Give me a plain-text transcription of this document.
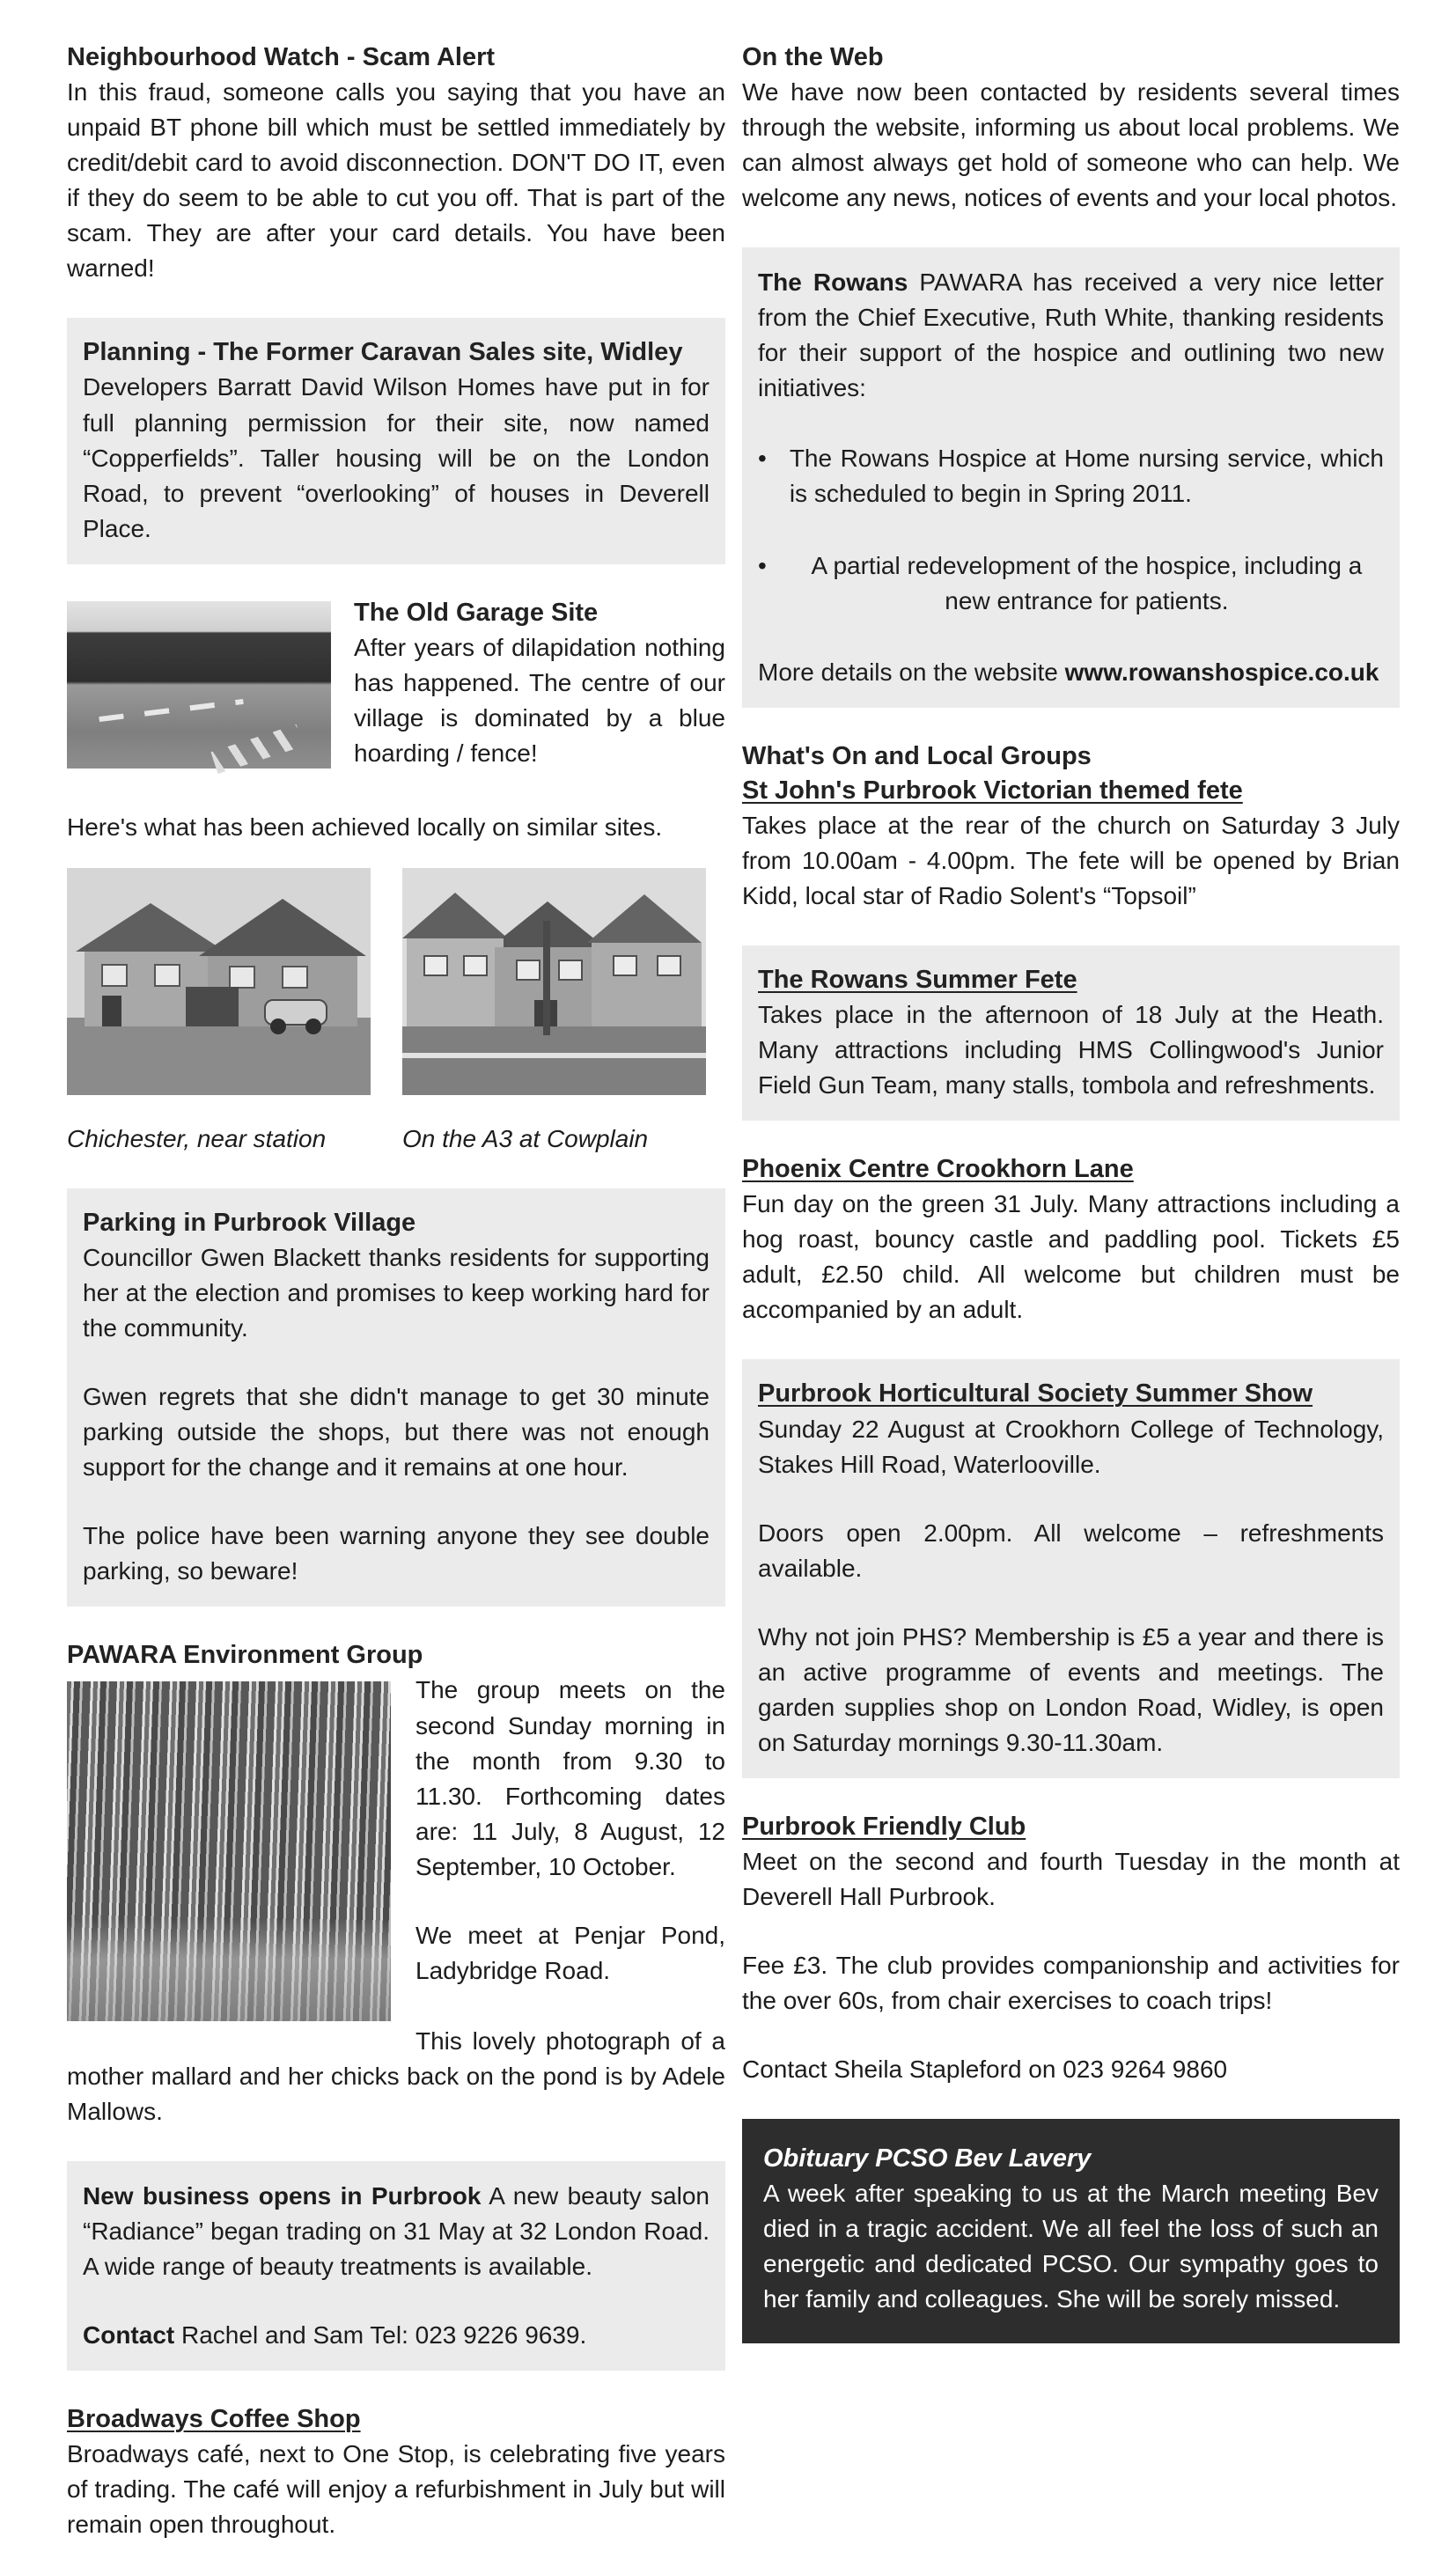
Neighbourhood Watch - Scam Alert

In this fraud, someone calls you saying that you have an unpaid BT phone bill which must be settled immediately by credit/debit card to avoid disconnection. DON'T DO IT, even if they do seem to be able to cut you off. That is part of the scam. They are after your card details. You have been warned!

Planning - The Former Caravan Sales site, Widley

Developers Barratt David Wilson Homes have put in for full planning permission for their site, now named “Copperfields”. Taller housing will be on the London Road, to prevent “overlooking” of houses in Deverell Place.

The Old Garage Site

After years of dilapidation nothing has happened. The centre of our village is dominated by a blue hoarding / fence!

Here's what has been achieved locally on similar sites.

Chichester, near station	On the A3 at Cowplain
Parking in Purbrook Village

Councillor Gwen Blackett thanks residents for supporting her at the election and promises to keep working hard for the community.

Gwen regrets that she didn't manage to get 30 minute parking outside the shops, but there was not enough support for the change and it remains at one hour.

The police have been warning anyone they see double parking, so beware!

PAWARA Environment Group

The group meets on the second Sunday morning in the month from 9.30 to 11.30. Forthcoming dates are: 11 July, 8 August, 12 September, 10 October.

We meet at Penjar Pond, Ladybridge Road.

This lovely photograph of a mother mallard and her chicks back on the pond is by Adele Mallows.

New business opens in Purbrook A new beauty salon “Radiance” began trading on 31 May at 32 London Road. A wide range of beauty treatments is available.

Contact Rachel and Sam Tel: 023 9226 9639.

Broadways Coffee Shop

Broadways café, next to One Stop, is celebrating five years of trading. The café will enjoy a refurbishment in July but will remain open throughout.

On the Web

We have now been contacted by residents several times through the website, informing us about local problems. We can almost always get hold of someone who can help. We welcome any news, notices of events and your local photos.

The Rowans PAWARA has received a very nice letter from the Chief Executive, Ruth White, thanking residents for their support of the hospice and outlining two new initiatives:

• The Rowans Hospice at Home nursing service, which is scheduled to begin in Spring 2011.

•	A partial redevelopment of the hospice, including a new entrance for patients.

More details on the website www.rowanshospice.co.uk

What's On and Local Groups
St John's Purbrook Victorian themed fete

Takes place at the rear of the church on Saturday 3 July from 10.00am - 4.00pm. The fete will be opened by Brian Kidd, local star of Radio Solent's “Topsoil”

The Rowans Summer Fete

Takes place in the afternoon of 18 July at the Heath. Many attractions including HMS Collingwood's Junior Field Gun Team, many stalls, tombola and refreshments.

Phoenix Centre Crookhorn Lane

Fun day on the green 31 July. Many attractions including a hog roast, bouncy castle and paddling pool. Tickets £5 adult, £2.50 child. All welcome but children must be accompanied by an adult.

Purbrook Horticultural Society Summer Show

Sunday 22 August at Crookhorn College of Technology, Stakes Hill Road, Waterlooville.

Doors open 2.00pm. All welcome – refreshments available.

Why not join PHS? Membership is £5 a year and there is an active programme of events and meetings. The garden supplies shop on London Road, Widley, is open on Saturday mornings 9.30-11.30am.

Purbrook Friendly Club

Meet on the second and fourth Tuesday in the month at Deverell Hall Purbrook.

Fee £3. The club provides companionship and activities for the over 60s, from chair exercises to coach trips!

Contact Sheila Stapleford on 023 9264 9860

Obituary PCSO Bev Lavery

A week after speaking to us at the March meeting Bev died in a tragic accident. We all feel the loss of such an energetic and dedicated PCSO. Our sympathy goes to her family and colleagues. She will be sorely missed.
